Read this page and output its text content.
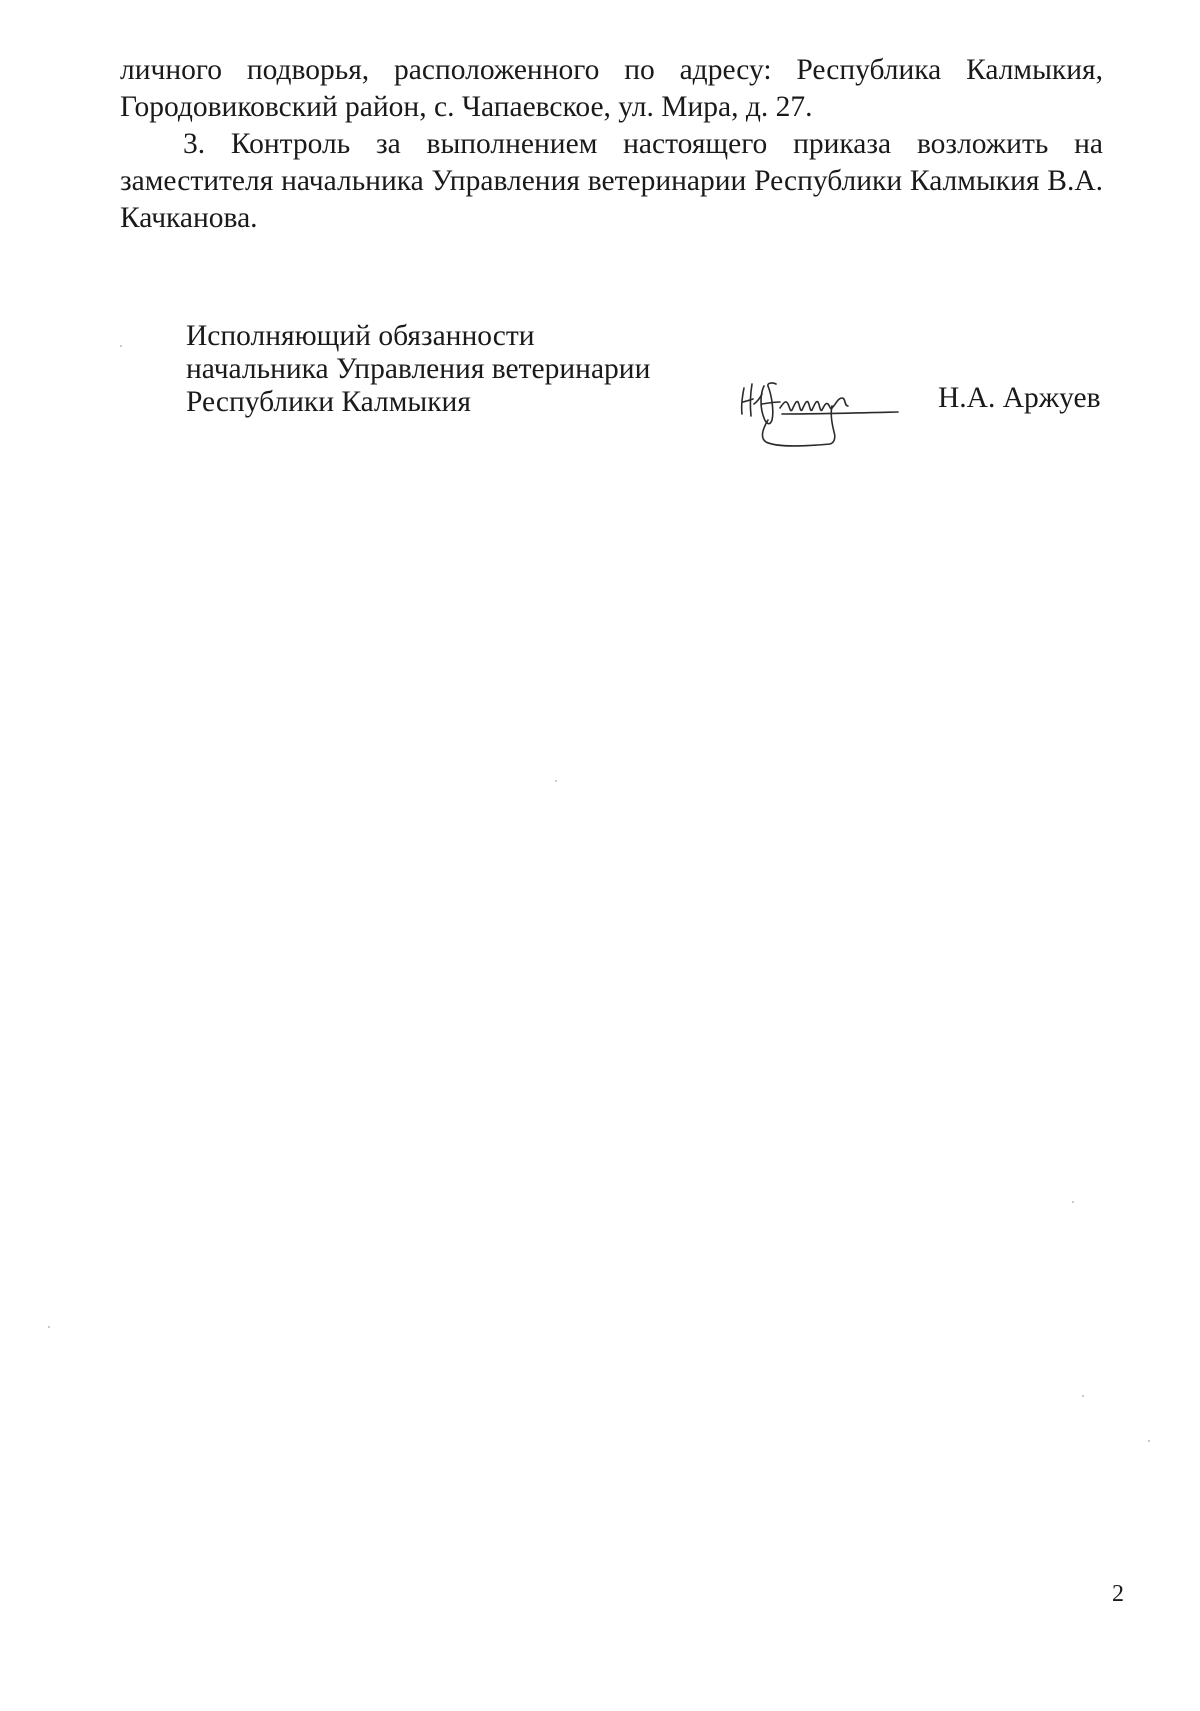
личного подворья, расположенного по адресу: Республика Калмыкия, Городовиковский район, с. Чапаевское, ул. Мира, д. 27.

3. Контроль за выполнением настоящего приказа возложить на заместителя начальника Управления ветеринарии Республики Калмыкия В.А. Качканова.

Исполняющий обязанности
начальника Управления ветеринарии
Республики Калмыкия	Н.А. Аржуев
2
